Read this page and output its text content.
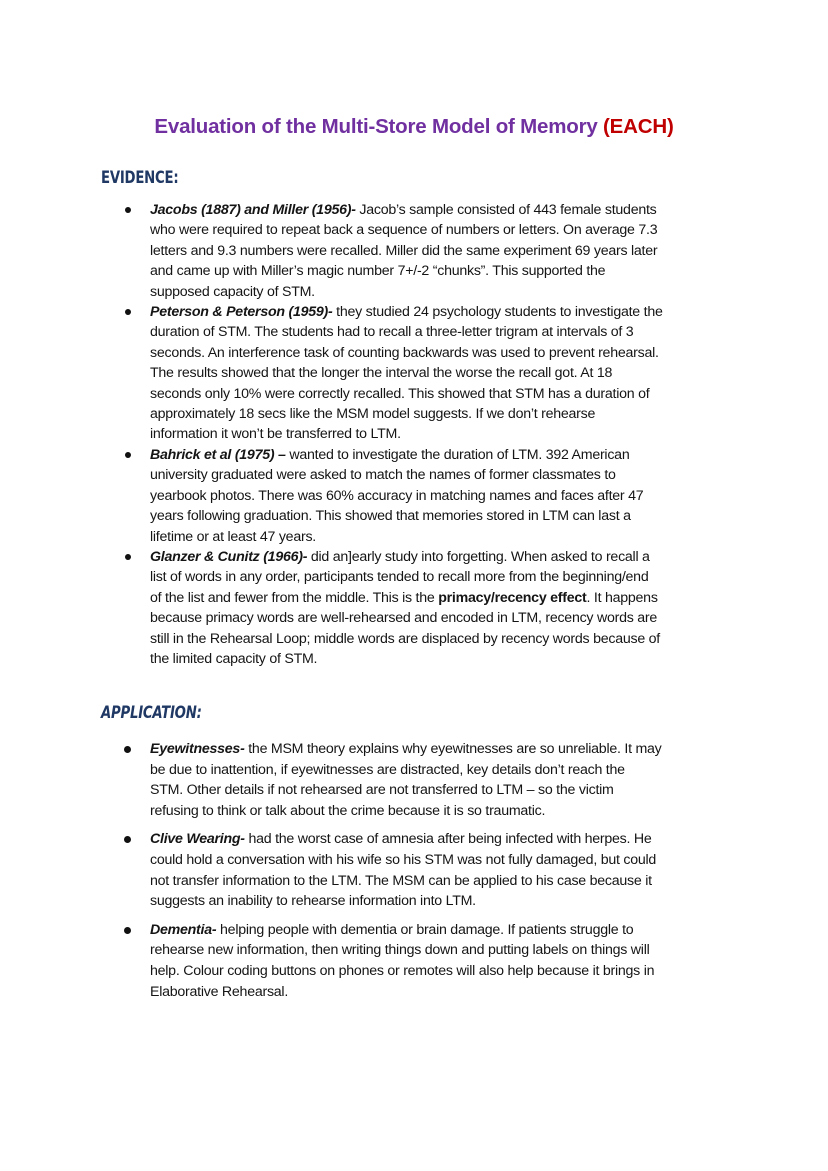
Evaluation of the Multi-Store Model of Memory (EACH)
EVIDENCE:
Jacobs (1887) and Miller (1956)- Jacob’s sample consisted of 443 female students
who were required to repeat back a sequence of numbers or letters. On average 7.3
letters and 9.3 numbers were recalled. Miller did the same experiment 69 years later
and came up with Miller’s magic number 7+/-2 “chunks”. This supported the
supposed capacity of STM.
Peterson & Peterson (1959)- they studied 24 psychology students to investigate the
duration of STM. The students had to recall a three-letter trigram at intervals of 3
seconds. An interference task of counting backwards was used to prevent rehearsal.
The results showed that the longer the interval the worse the recall got. At 18
seconds only 10% were correctly recalled. This showed that STM has a duration of
approximately 18 secs like the MSM model suggests. If we don’t rehearse
information it won’t be transferred to LTM.
Bahrick et al (1975) – wanted to investigate the duration of LTM. 392 American
university graduated were asked to match the names of former classmates to
yearbook photos. There was 60% accuracy in matching names and faces after 47
years following graduation. This showed that memories stored in LTM can last a
lifetime or at least 47 years.
Glanzer & Cunitz (1966)- did an]early study into forgetting. When asked to recall a
list of words in any order, participants tended to recall more from the beginning/end
of the list and fewer from the middle. This is the primacy/recency effect. It happens
because primacy words are well-rehearsed and encoded in LTM, recency words are
still in the Rehearsal Loop; middle words are displaced by recency words because of
the limited capacity of STM.
APPLICATION:
Eyewitnesses- the MSM theory explains why eyewitnesses are so unreliable. It may
be due to inattention, if eyewitnesses are distracted, key details don’t reach the
STM. Other details if not rehearsed are not transferred to LTM – so the victim
refusing to think or talk about the crime because it is so traumatic.
Clive Wearing- had the worst case of amnesia after being infected with herpes. He
could hold a conversation with his wife so his STM was not fully damaged, but could
not transfer information to the LTM. The MSM can be applied to his case because it
suggests an inability to rehearse information into LTM.
Dementia- helping people with dementia or brain damage. If patients struggle to
rehearse new information, then writing things down and putting labels on things will
help. Colour coding buttons on phones or remotes will also help because it brings in
Elaborative Rehearsal.
